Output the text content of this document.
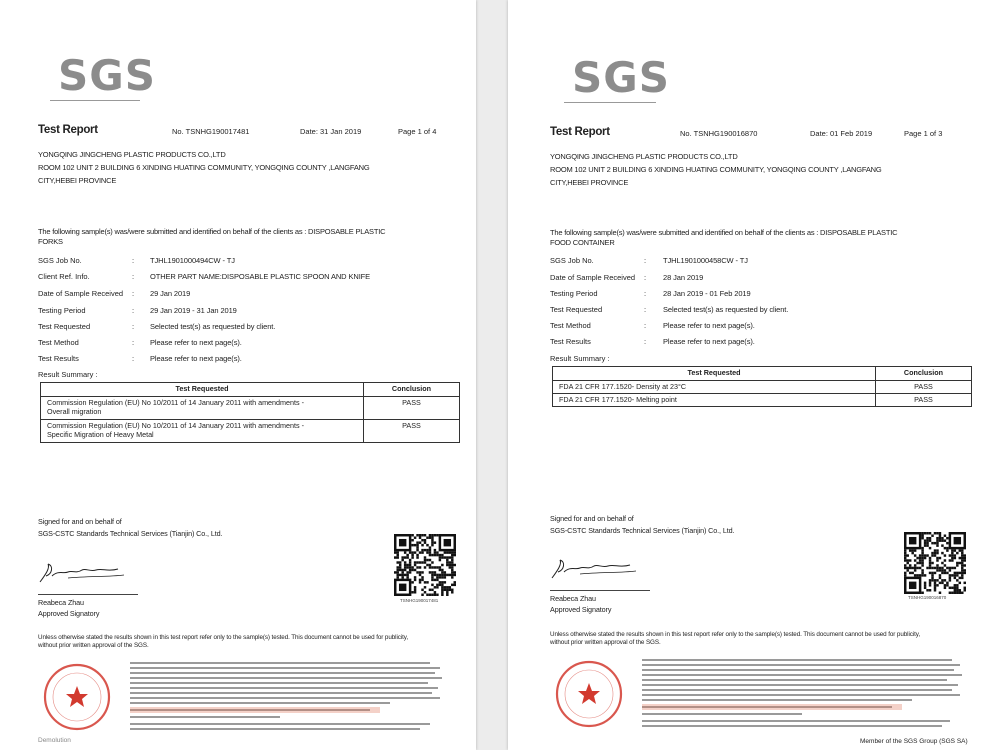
SGS
Test Report	No. TSNHG190017481	Date: 31 Jan 2019	Page 1 of 4
YONGQING JINGCHENG PLASTIC PRODUCTS CO.,LTD
ROOM 102 UNIT 2 BUILDING 6 XINDING HUATING COMMUNITY, YONGQING COUNTY ,LANGFANG
CITY,HEBEI PROVINCE
The following sample(s) was/were submitted and identified on behalf of the clients as : DISPOSABLE PLASTIC
FORKS
SGS Job No.	: TJHL1901000494CW - TJ
Client Ref. Info.	: OTHER PART NAME:DISPOSABLE PLASTIC SPOON AND KNIFE
Date of Sample Received : 29 Jan 2019
Testing Period	: 29 Jan 2019 - 31 Jan 2019
Test Requested	: Selected test(s) as requested by client.
Test Method	: Please refer to next page(s).
Test Results	: Please refer to next page(s).
Result Summary :
Test Requested	Conclusion

Commission Regulation (EU) No 10/2011 of 14 January 2011 with amendments -
Overall migration	PASS

Commission Regulation (EU) No 10/2011 of 14 January 2011 with amendments -
Specific Migration of Heavy Metal	PASS
Signed for and on behalf of
SGS-CSTC Standards Technical Services (Tianjin) Co., Ltd.
TSNHG190017481
Reabeca Zhau
Approved Signatory
Unless otherwise stated the results shown in this test report refer only to the sample(s) tested. This document cannot be used for publicity,
without prior written approval of the SGS.
Demolution
SGS
Test Report	No. TSNHG190016870	Date: 01 Feb 2019	Page 1 of 3
YONGQING JINGCHENG PLASTIC PRODUCTS CO.,LTD
ROOM 102 UNIT 2 BUILDING 6 XINDING HUATING COMMUNITY, YONGQING COUNTY ,LANGFANG
CITY,HEBEI PROVINCE
The following sample(s) was/were submitted and identified on behalf of the clients as : DISPOSABLE PLASTIC
FOOD CONTAINER
SGS Job No.	: TJHL1901000458CW - TJ
Date of Sample Received : 28 Jan 2019
Testing Period	: 28 Jan 2019 - 01 Feb 2019
Test Requested	: Selected test(s) as requested by client.
Test Method	: Please refer to next page(s).
Test Results	: Please refer to next page(s).
Result Summary :
Test Requested	Conclusion
FDA 21 CFR 177.1520- Density at 23°C	PASS
FDA 21 CFR 177.1520- Melting point	PASS
Signed for and on behalf of
SGS-CSTC Standards Technical Services (Tianjin) Co., Ltd.
TSNHG190016870
Reabeca Zhau
Approved Signatory
Unless otherwise stated the results shown in this test report refer only to the sample(s) tested. This document cannot be used for publicity,
without prior written approval of the SGS.
Member of the SGS Group (SGS SA)
